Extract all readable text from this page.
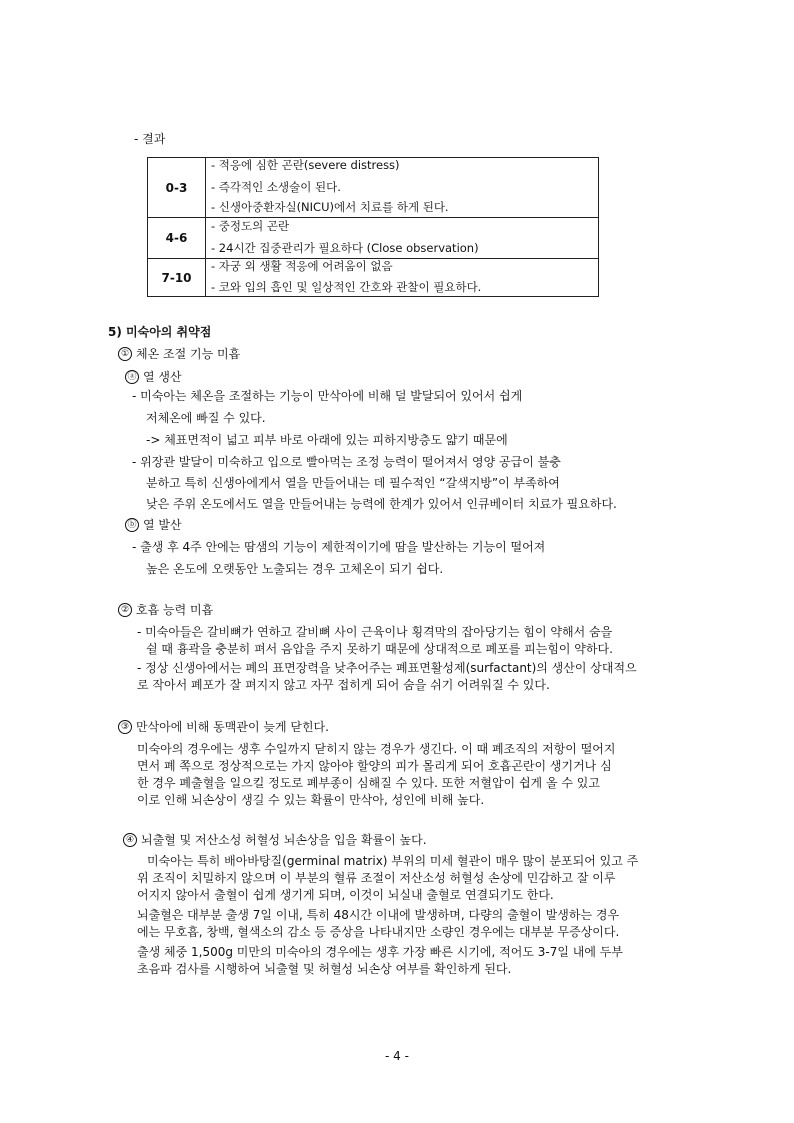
- 결과
0-3	- 적응에 심한 곤란(severe distress)
- 즉각적인 소생술이 된다.
- 신생아중환자실(NICU)에서 치료를 하게 된다.

4-6	- 중정도의 곤란
- 24시간 집중관리가 필요하다 (Close observation)

7-10	- 자궁 외 생활 적응에 어려움이 없음
- 코와 입의 흡인 및 일상적인 간호와 관찰이 필요하다.
5) 미숙아의 취약점
① 체온 조절 기능 미흡
ⓐ 열 생산
- 미숙아는 체온을 조절하는 기능이 만삭아에 비해 덜 발달되어 있어서 쉽게
저체온에 빠질 수 있다.
-> 체표면적이 넓고 피부 바로 아래에 있는 피하지방층도 얇기 때문에
- 위장관 발달이 미숙하고 입으로 빨아먹는 조정 능력이 떨어져서 영양 공급이 불충
분하고 특히 신생아에게서 열을 만들어내는 데 필수적인 “갈색지방”이 부족하여
낮은 주위 온도에서도 열을 만들어내는 능력에 한계가 있어서 인큐베이터 치료가 필요하다.
ⓑ 열 발산
- 출생 후 4주 안에는 땀샘의 기능이 제한적이기에 땀을 발산하는 기능이 떨어져
높은 온도에 오랫동안 노출되는 경우 고체온이 되기 쉽다.
② 호흡 능력 미흡
- 미숙아들은 갈비뼈가 연하고 갈비뼈 사이 근육이나 횡격막의 잡아당기는 힘이 약해서 숨을
쉴 때 흉곽을 충분히 펴서 음압을 주지 못하기 때문에 상대적으로 폐포를 피는힘이 약하다.
- 정상 신생아에서는 폐의 표면장력을 낮추어주는 폐표면활성제(surfactant)의 생산이 상대적으
로 작아서 폐포가 잘 펴지지 않고 자꾸 접히게 되어 숨을 쉬기 어려워질 수 있다.
③ 만삭아에 비해 동맥관이 늦게 닫힌다.
미숙아의 경우에는 생후 수일까지 닫히지 않는 경우가 생긴다. 이 때 폐조직의 저항이 떨어지
면서 폐 쪽으로 정상적으로는 가지 않아야 할양의 피가 몰리게 되어 호흡곤란이 생기거나 심
한 경우 폐출혈을 일으킬 정도로 폐부종이 심해질 수 있다. 또한 저혈압이 쉽게 올 수 있고
이로 인해 뇌손상이 생길 수 있는 확률이 만삭아, 성인에 비해 높다.
④ 뇌출혈 및 저산소성 허혈성 뇌손상을 입을 확률이 높다.
미숙아는 특히 배아바탕질(germinal matrix) 부위의 미세 혈관이 매우 많이 분포되어 있고 주
위 조직이 치밀하지 않으며 이 부분의 혈류 조절이 저산소성 허혈성 손상에 민감하고 잘 이루
어지지 않아서 출혈이 쉽게 생기게 되며, 이것이 뇌실내 출혈로 연결되기도 한다.
뇌출혈은 대부분 출생 7일 이내, 특히 48시간 이내에 발생하며, 다량의 출혈이 발생하는 경우
에는 무호흡, 창백, 혈색소의 감소 등 증상을 나타내지만 소량인 경우에는 대부분 무증상이다.
출생 체중 1,500g 미만의 미숙아의 경우에는 생후 가장 빠른 시기에, 적어도 3-7일 내에 두부
초음파 검사를 시행하여 뇌출혈 및 허혈성 뇌손상 여부를 확인하게 된다.
- 4 -
